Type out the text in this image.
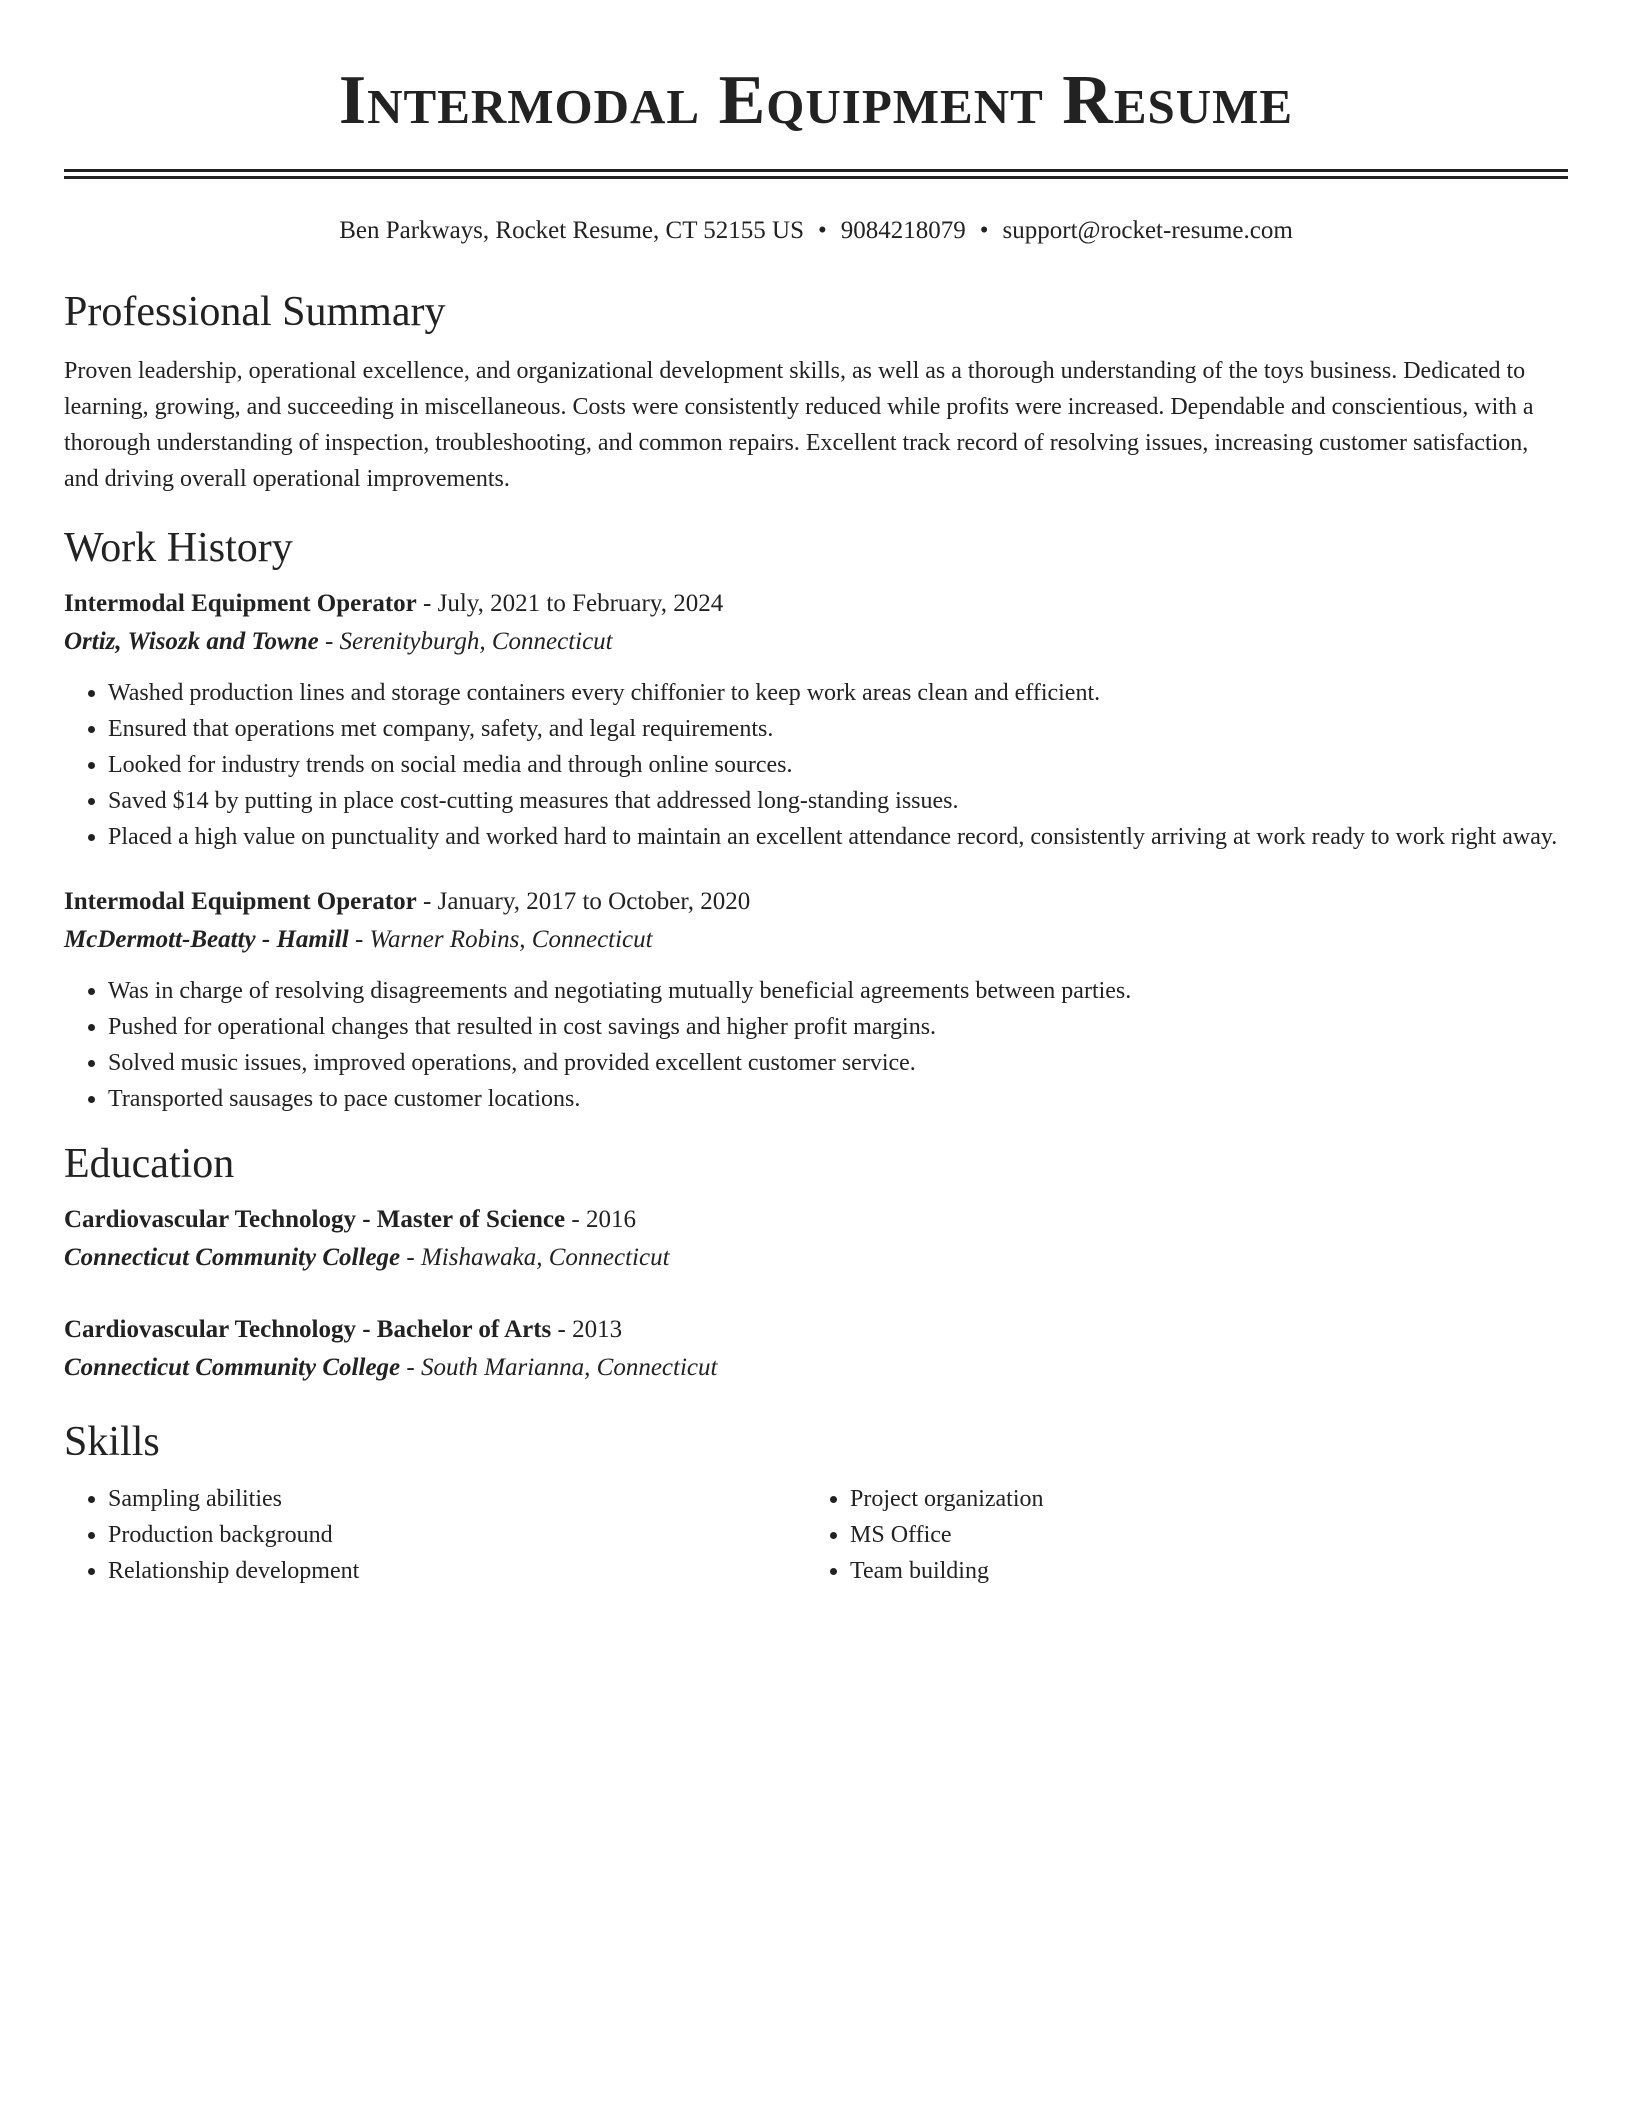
Intermodal Equipment Resume
Ben Parkways, Rocket Resume, CT 52155 US • 9084218079 • support@rocket-resume.com
Professional Summary

Proven leadership, operational excellence, and organizational development skills, as well as a thorough understanding of the toys business. Dedicated to learning, growing, and succeeding in miscellaneous. Costs were consistently reduced while profits were increased. Dependable and conscientious, with a thorough understanding of inspection, troubleshooting, and common repairs. Excellent track record of resolving issues, increasing customer satisfaction, and driving overall operational improvements.

Work History
Intermodal Equipment Operator - July, 2021 to February, 2024
Ortiz, Wisozk and Towne - Serenityburgh, Connecticut
• Washed production lines and storage containers every chiffonier to keep work areas clean and efficient.
• Ensured that operations met company, safety, and legal requirements.
• Looked for industry trends on social media and through online sources.
• Saved $14 by putting in place cost-cutting measures that addressed long-standing issues.
• Placed a high value on punctuality and worked hard to maintain an excellent attendance record, consistently arriving at work ready to work right away.
Intermodal Equipment Operator - January, 2017 to October, 2020
McDermott-Beatty - Hamill - Warner Robins, Connecticut
• Was in charge of resolving disagreements and negotiating mutually beneficial agreements between parties.
• Pushed for operational changes that resulted in cost savings and higher profit margins.
• Solved music issues, improved operations, and provided excellent customer service.
• Transported sausages to pace customer locations.
Education
Cardiovascular Technology - Master of Science - 2016
Connecticut Community College - Mishawaka, Connecticut
Cardiovascular Technology - Bachelor of Arts - 2013
Connecticut Community College - South Marianna, Connecticut
Skills
• Sampling abilities
• Production background
• Relationship development
• Project organization
• MS Office
• Team building
